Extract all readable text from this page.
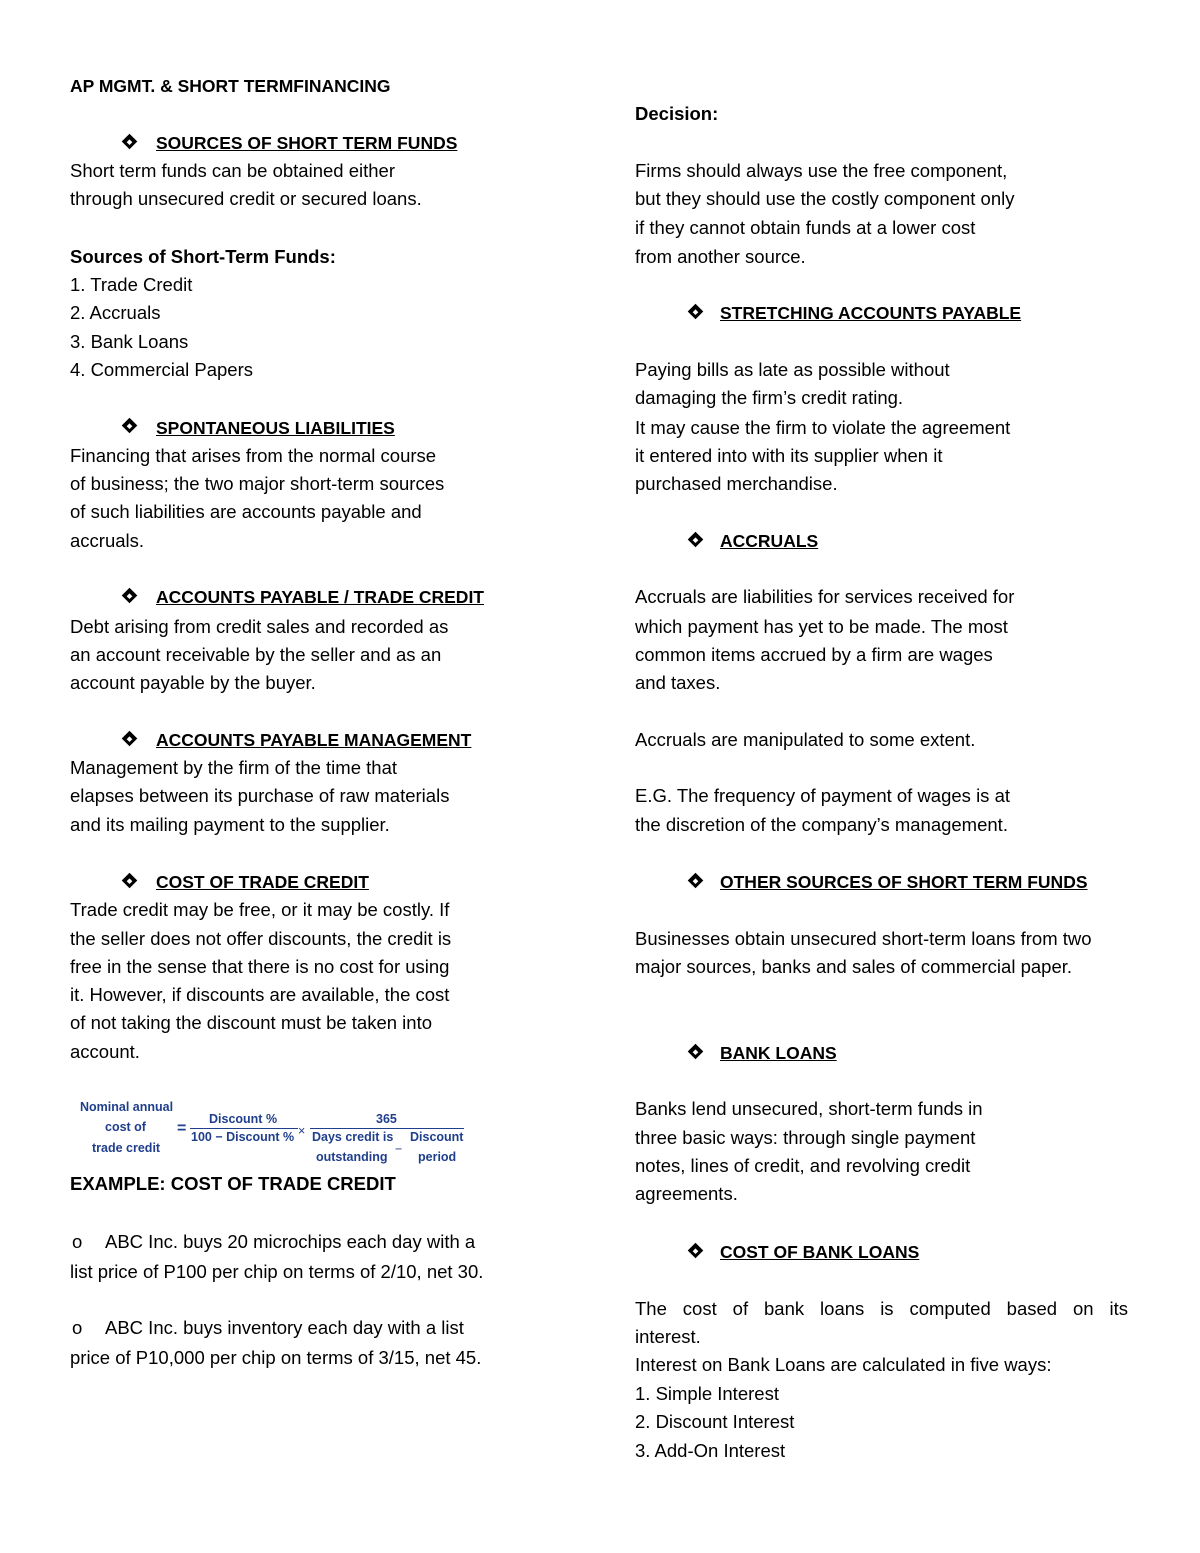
AP MGMT. & SHORT TERMFINANCING
SOURCES OF SHORT TERM FUNDS
Short term funds can be obtained either
through unsecured credit or secured loans.
Sources of Short-Term Funds:
1. Trade Credit
2. Accruals
3. Bank Loans
4. Commercial Papers
SPONTANEOUS LIABILITIES
Financing that arises from the normal course
of business; the two major short-term sources
of such liabilities are accounts payable and
accruals.
ACCOUNTS PAYABLE / TRADE CREDIT
Debt arising from credit sales and recorded as
an account receivable by the seller and as an
account payable by the buyer.
ACCOUNTS PAYABLE MANAGEMENT
Management by the firm of the time that
elapses between its purchase of raw materials
and its mailing payment to the supplier.
COST OF TRADE CREDIT
Trade credit may be free, or it may be costly. If
the seller does not offer discounts, the credit is
free in the sense that there is no cost for using
it. However, if discounts are available, the cost
of not taking the discount must be taken into
account.
EXAMPLE: COST OF TRADE CREDIT
o ABC Inc. buys 20 microchips each day with a
list price of P100 per chip on terms of 2/10, net 30.
o ABC Inc. buys inventory each day with a list
price of P10,000 per chip on terms of 3/15, net 45.
Nominal annual
cost of
trade credit
=
Discount %
100 − Discount % ×
365
Days credit is
outstanding
−
Discount
period
Decision:
Firms should always use the free component,
but they should use the costly component only
if they cannot obtain funds at a lower cost
from another source.
STRETCHING ACCOUNTS PAYABLE
Paying bills as late as possible without
damaging the firm’s credit rating.
It may cause the firm to violate the agreement
it entered into with its supplier when it
purchased merchandise.
ACCRUALS
Accruals are liabilities for services received for
which payment has yet to be made. The most
common items accrued by a firm are wages
and taxes.
Accruals are manipulated to some extent.
E.G. The frequency of payment of wages is at
the discretion of the company’s management.
OTHER SOURCES OF SHORT TERM FUNDS
Businesses obtain unsecured short-term loans from two
major sources, banks and sales of commercial paper.
BANK LOANS
Banks lend unsecured, short-term funds in
three basic ways: through single payment
notes, lines of credit, and revolving credit
agreements.
COST OF BANK LOANS
The cost of bank loans is computed based on its
interest.
Interest on Bank Loans are calculated in five ways:
1. Simple Interest
2. Discount Interest
3. Add-On Interest
